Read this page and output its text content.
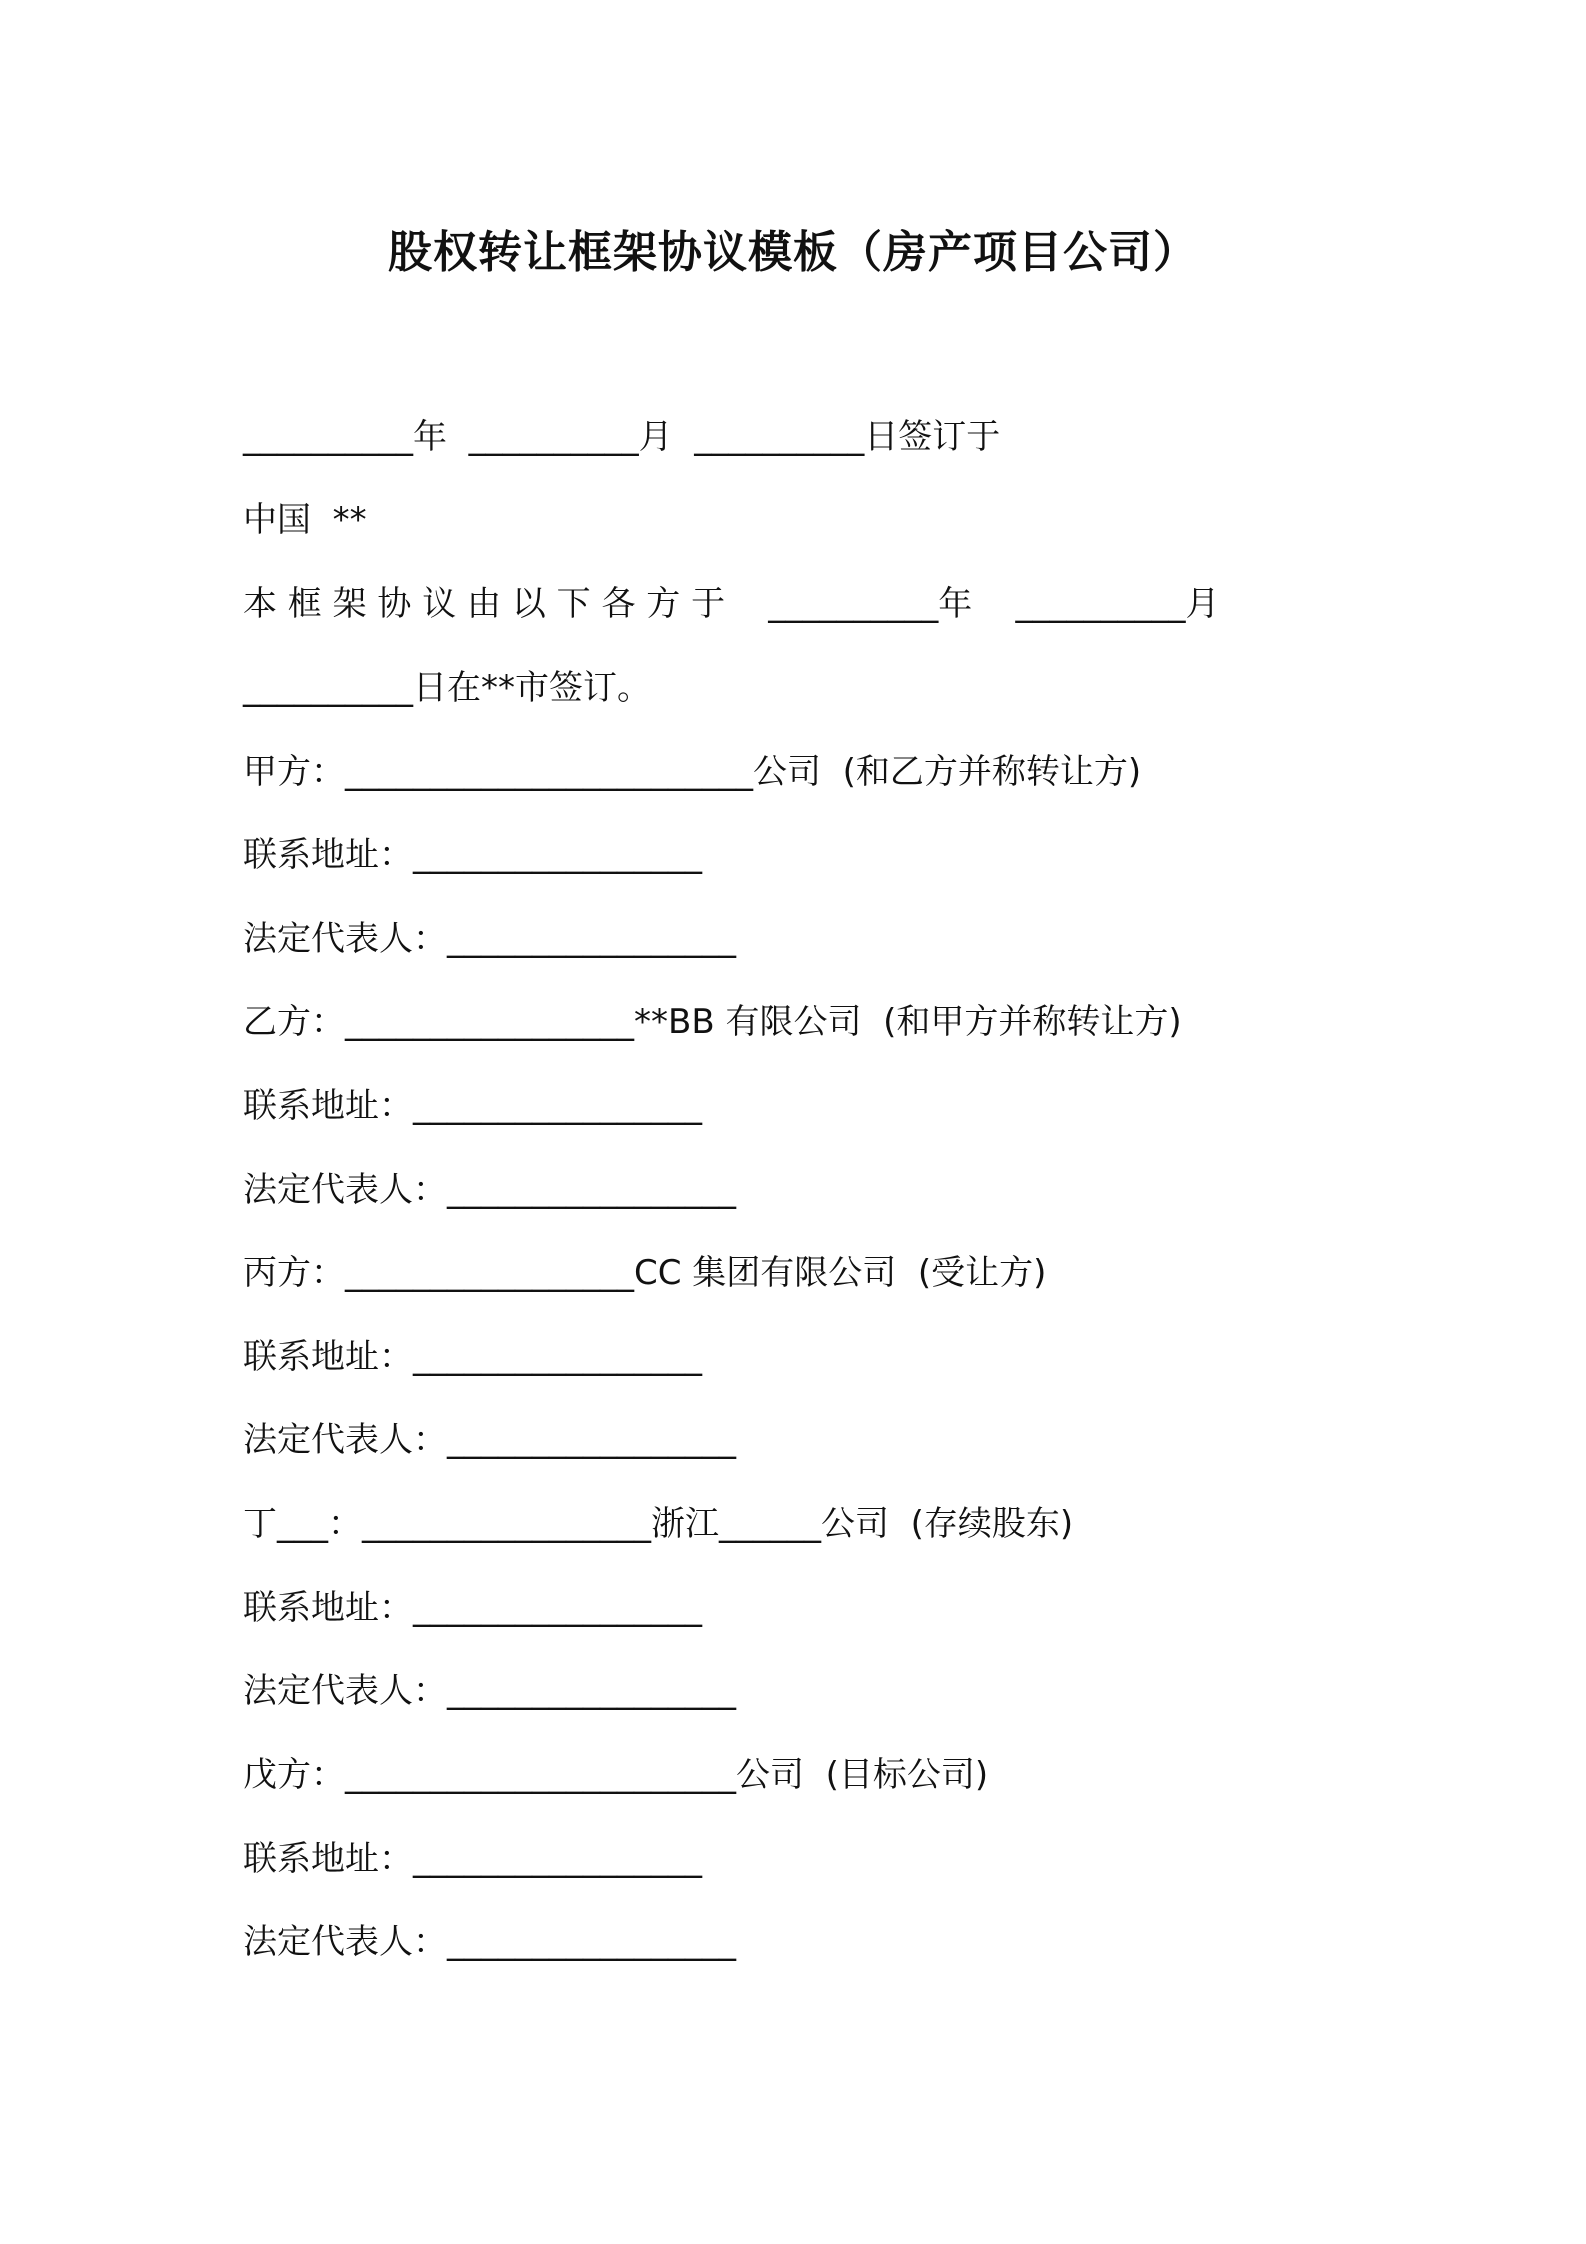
股权转让框架协议模板（房产项目公司）
__________年  __________月  __________日签订于
中国  **
本 框 架 协 议 由 以 下 各 方 于    __________年    __________月
__________日在**市签订。
甲方：________________________公司  (和乙方并称转让方)
联系地址：_________________
法定代表人：_________________
乙方：_________________**BB 有限公司  (和甲方并称转让方)
联系地址：_________________
法定代表人：_________________
丙方：_________________CC 集团有限公司  (受让方)
联系地址：_________________
法定代表人：_________________
丁___：_________________浙江______公司  (存续股东)
联系地址：_________________
法定代表人：_________________
戊方：_______________________公司  (目标公司)
联系地址：_________________
法定代表人：_________________
